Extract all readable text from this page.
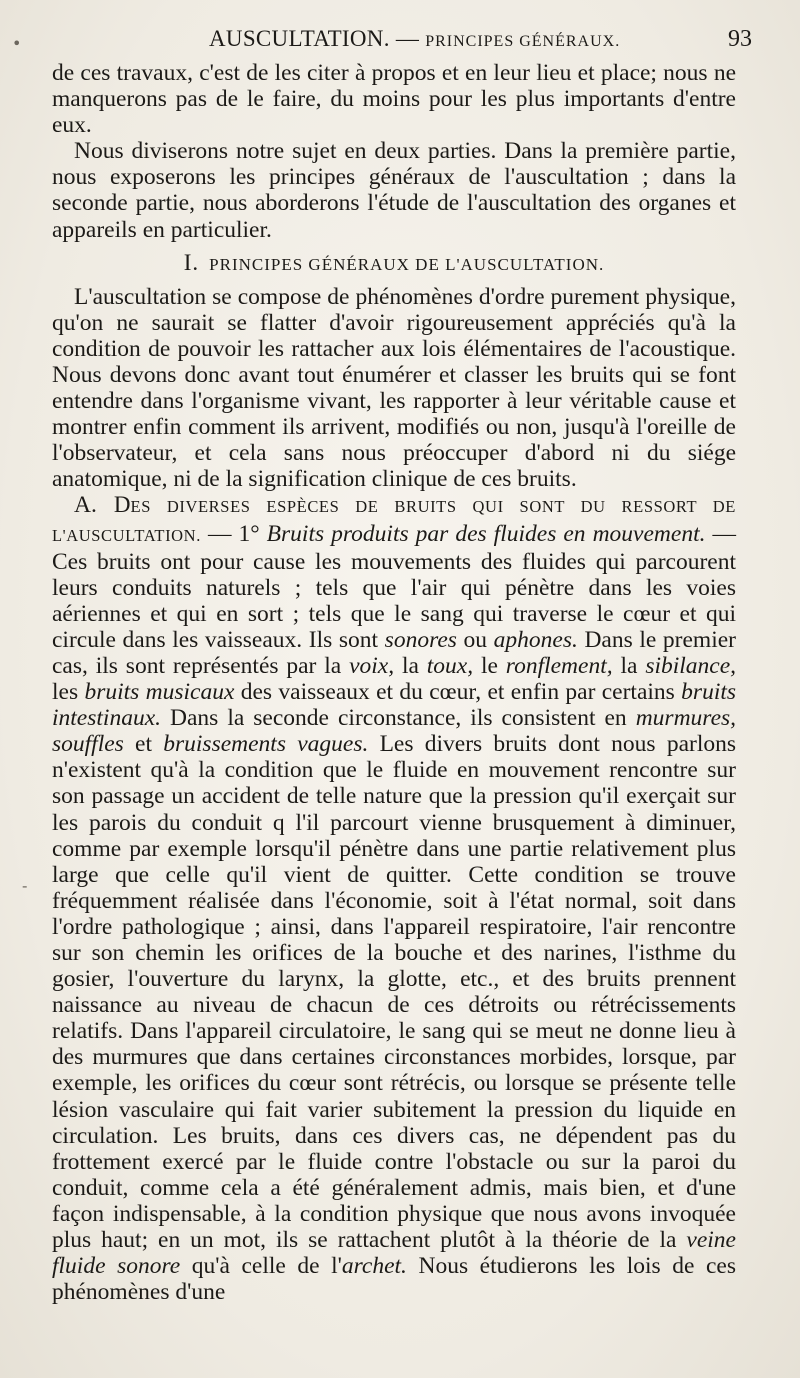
AUSCULTATION. — PRINCIPES GÉNÉRAUX.	93
•
-

de ces travaux, c'est de les citer à propos et en leur lieu et place; nous ne manquerons pas de le faire, du moins pour les plus importants d'entre eux.

Nous diviserons notre sujet en deux parties. Dans la première partie, nous exposerons les principes généraux de l'auscultation ; dans la seconde partie, nous aborderons l'étude de l'auscultation des organes et appareils en particulier.

I. PRINCIPES GÉNÉRAUX DE L'AUSCULTATION.

L'auscultation se compose de phénomènes d'ordre purement physique, qu'on ne saurait se flatter d'avoir rigoureusement appréciés qu'à la condition de pouvoir les rattacher aux lois élémentaires de l'acoustique. Nous devons donc avant tout énumérer et classer les bruits qui se font entendre dans l'organisme vivant, les rapporter à leur véritable cause et montrer enfin comment ils arrivent, modifiés ou non, jusqu'à l'oreille de l'observateur, et cela sans nous préoccuper d'abord ni du siége anatomique, ni de la signification clinique de ces bruits.

A. DES DIVERSES ESPÈCES DE BRUITS QUI SONT DU RESSORT DE L'AUSCULTATION. — 1° Bruits produits par des fluides en mouvement. — Ces bruits ont pour cause les mouvements des fluides qui parcourent leurs conduits naturels ; tels que l'air qui pénètre dans les voies aériennes et qui en sort ; tels que le sang qui traverse le cœur et qui circule dans les vaisseaux. Ils sont sonores ou aphones. Dans le premier cas, ils sont représentés par la voix, la toux, le ronflement, la sibilance, les bruits musicaux des vaisseaux et du cœur, et enfin par certains bruits intestinaux. Dans la seconde circonstance, ils consistent en murmures, souffles et bruissements vagues. Les divers bruits dont nous parlons n'existent qu'à la condition que le fluide en mouvement rencontre sur son passage un accident de telle nature que la pression qu'il exerçait sur les parois du conduit q l'il parcourt vienne brusquement à diminuer, comme par exemple lorsqu'il pénètre dans une partie relativement plus large que celle qu'il vient de quitter. Cette condition se trouve fréquemment réalisée dans l'économie, soit à l'état normal, soit dans l'ordre pathologique ; ainsi, dans l'appareil respiratoire, l'air rencontre sur son chemin les orifices de la bouche et des narines, l'isthme du gosier, l'ouverture du larynx, la glotte, etc., et des bruits prennent naissance au niveau de chacun de ces détroits ou rétrécissements relatifs. Dans l'appareil circulatoire, le sang qui se meut ne donne lieu à des murmures que dans certaines circonstances morbides, lorsque, par exemple, les orifices du cœur sont rétrécis, ou lorsque se présente telle lésion vasculaire qui fait varier subitement la pression du liquide en circulation. Les bruits, dans ces divers cas, ne dépendent pas du frottement exercé par le fluide contre l'obstacle ou sur la paroi du conduit, comme cela a été généralement admis, mais bien, et d'une façon indispensable, à la condition physique que nous avons invoquée plus haut; en un mot, ils se rattachent plutôt à la théorie de la veine fluide sonore qu'à celle de l'archet. Nous étudierons les lois de ces phénomènes d'une
